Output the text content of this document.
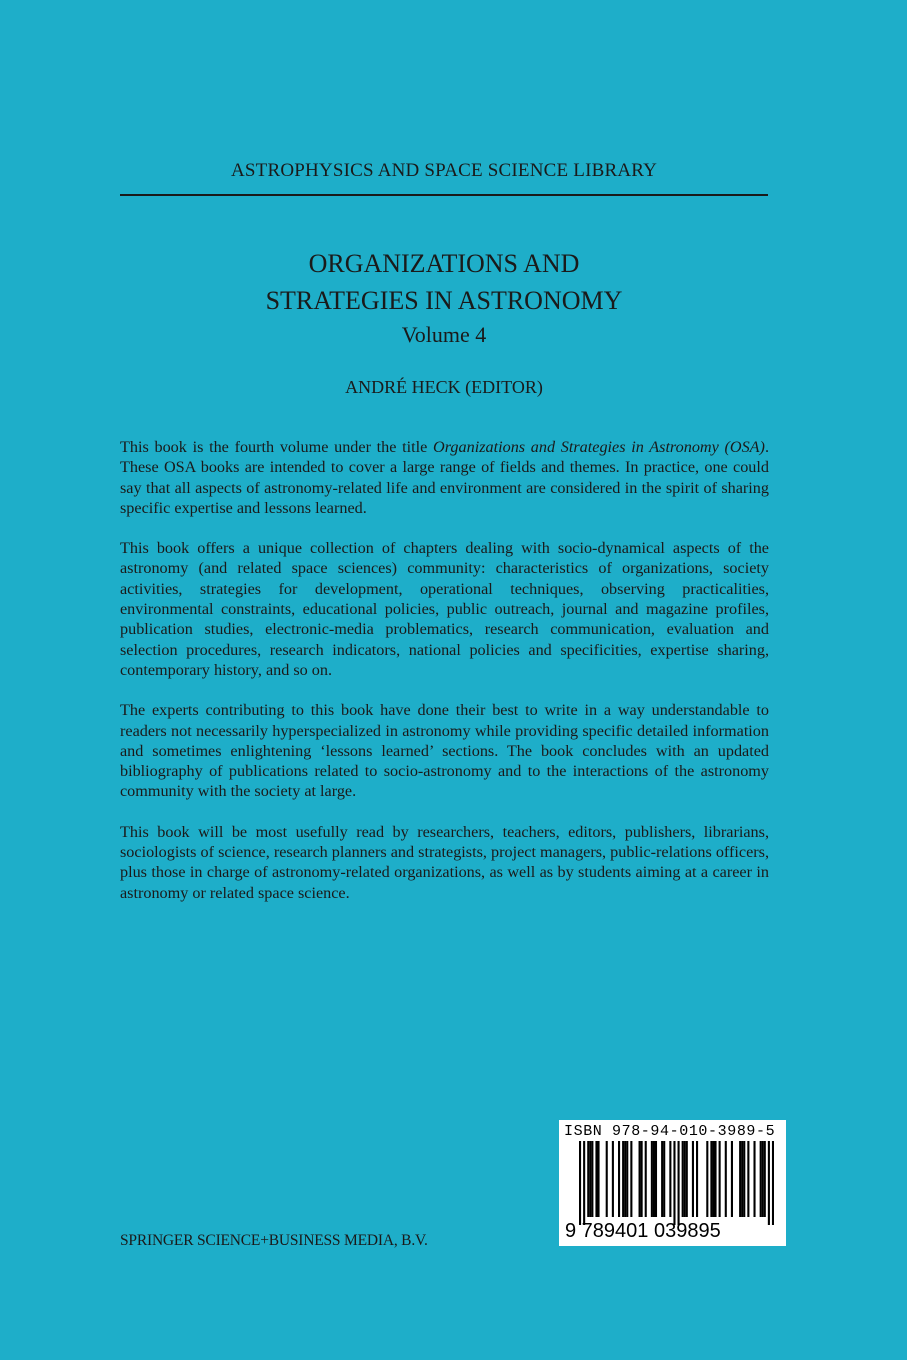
ASTROPHYSICS AND SPACE SCIENCE LIBRARY
ORGANIZATIONS AND
STRATEGIES IN ASTRONOMY
Volume 4
ANDRÉ HECK (EDITOR)

This book is the fourth volume under the title Organizations and Strategies in Astronomy (OSA). These OSA books are intended to cover a large range of fields and themes. In practice, one could say that all aspects of astronomy-related life and environment are considered in the spirit of sharing specific expertise and lessons learned.

This book offers a unique collection of chapters dealing with socio-dynamical aspects of the astronomy (and related space sciences) community: characteristics of organizations, society activities, strategies for development, operational techniques, observing practicalities, environmental constraints, educational policies, public outreach, journal and magazine profiles, publication studies, electronic-media problematics, research communication, evaluation and selection procedures, research indicators, national policies and specificities, expertise sharing, contemporary history, and so on.

The experts contributing to this book have done their best to write in a way understandable to readers not necessarily hyperspecialized in astronomy while providing specific detailed information and sometimes enlightening ‘lessons learned’ sections. The book concludes with an updated bibliography of publications related to socio-astronomy and to the interactions of the astronomy community with the society at large.

This book will be most usefully read by researchers, teachers, editors, publishers, librarians, sociologists of science, research planners and strategists, project managers, public-relations officers, plus those in charge of astronomy-related organizations, as well as by students aiming at a career in astronomy or related space science.

SPRINGER SCIENCE+BUSINESS MEDIA, B.V.
ISBN 978-94-010-3989-5
9 789401 039895
